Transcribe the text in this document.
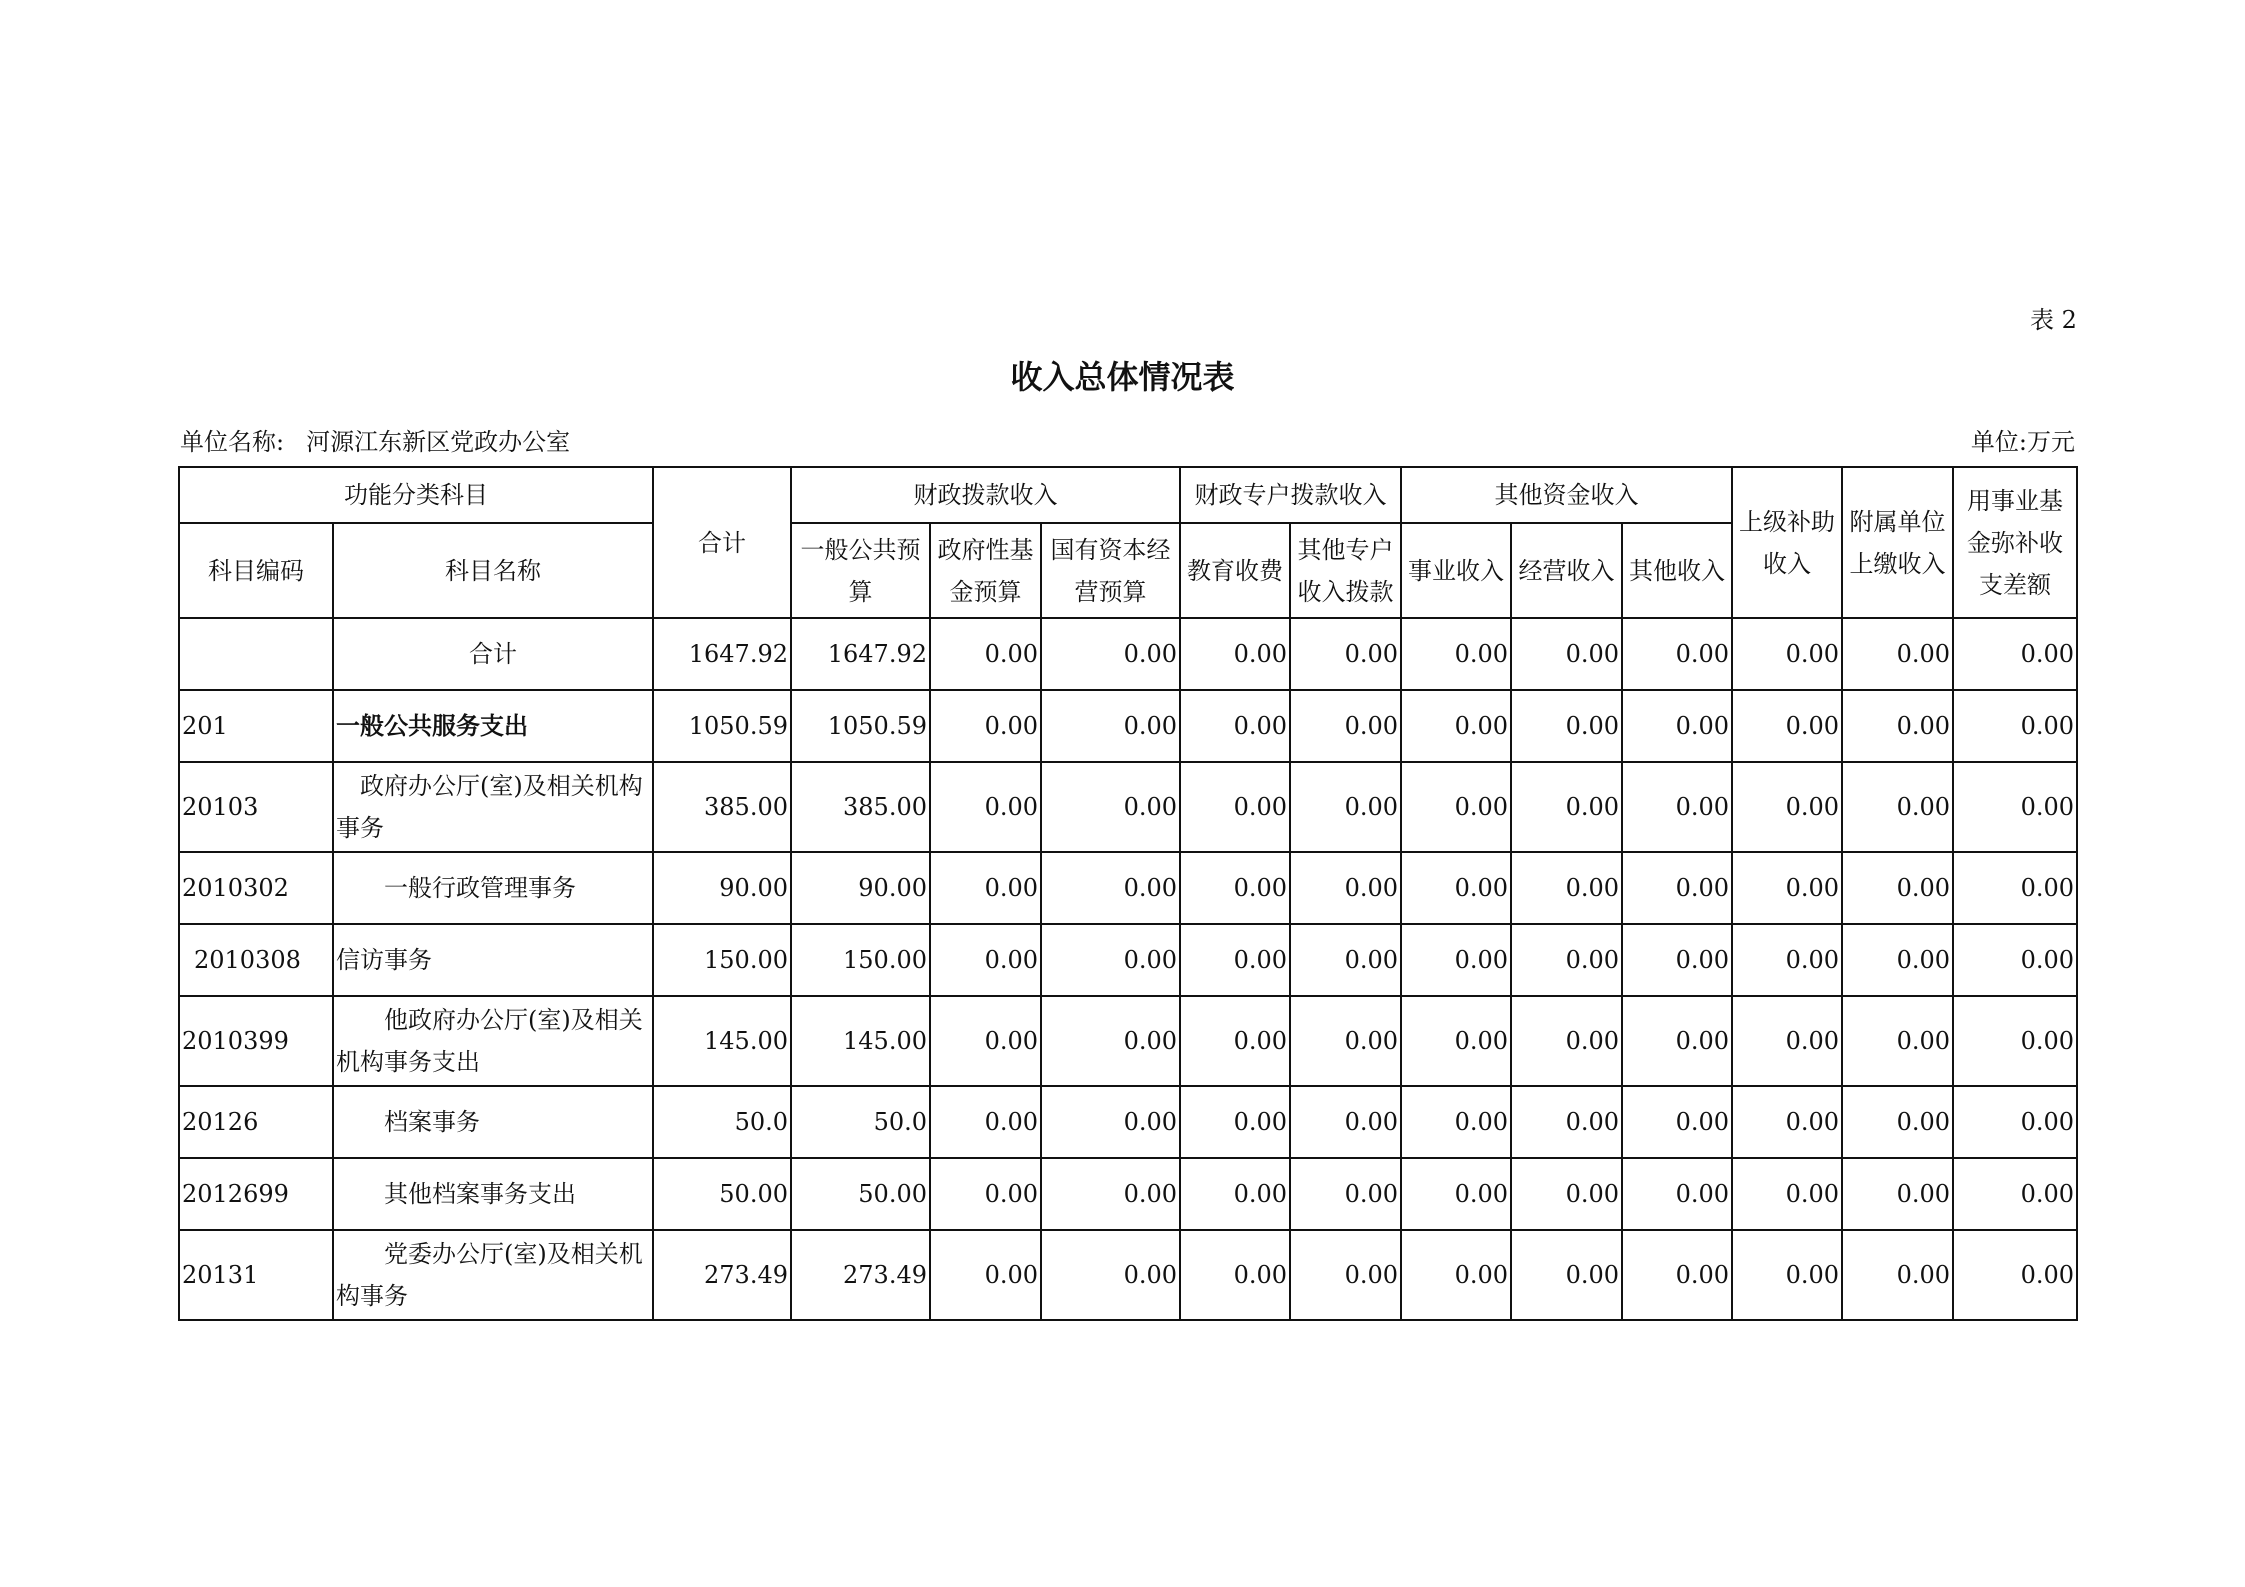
表 2
收入总体情况表
单位名称: 河源江东新区党政办公室	单位:万元
功能分类科目		合计	财政拨款收入			财政专户拨款收入		其他资金收入			上级补助收入	附属单位上缴收入	用事业基金弥补收支差额
科目编码	科目名称		一般公共预算	政府性基金预算	国有资本经营预算	教育收费	其他专户收入拨款	事业收入	经营收入	其他收入			
	合计	1647.92	1647.92	0.00	0.00	0.00	0.00	0.00	0.00	0.00	0.00	0.00	0.00
201	一般公共服务支出	1050.59	1050.59	0.00	0.00	0.00	0.00	0.00	0.00	0.00	0.00	0.00	0.00
20103	政府办公厅(室)及相关机构事务	385.00	385.00	0.00	0.00	0.00	0.00	0.00	0.00	0.00	0.00	0.00	0.00
2010302	一般行政管理事务	90.00	90.00	0.00	0.00	0.00	0.00	0.00	0.00	0.00	0.00	0.00	0.00
2010308	信访事务	150.00	150.00	0.00	0.00	0.00	0.00	0.00	0.00	0.00	0.00	0.00	0.00
2010399	他政府办公厅(室)及相关机构事务支出	145.00	145.00	0.00	0.00	0.00	0.00	0.00	0.00	0.00	0.00	0.00	0.00
20126	档案事务	50.0	50.0	0.00	0.00	0.00	0.00	0.00	0.00	0.00	0.00	0.00	0.00
2012699	其他档案事务支出	50.00	50.00	0.00	0.00	0.00	0.00	0.00	0.00	0.00	0.00	0.00	0.00
20131	党委办公厅(室)及相关机构事务	273.49	273.49	0.00	0.00	0.00	0.00	0.00	0.00	0.00	0.00	0.00	0.00
